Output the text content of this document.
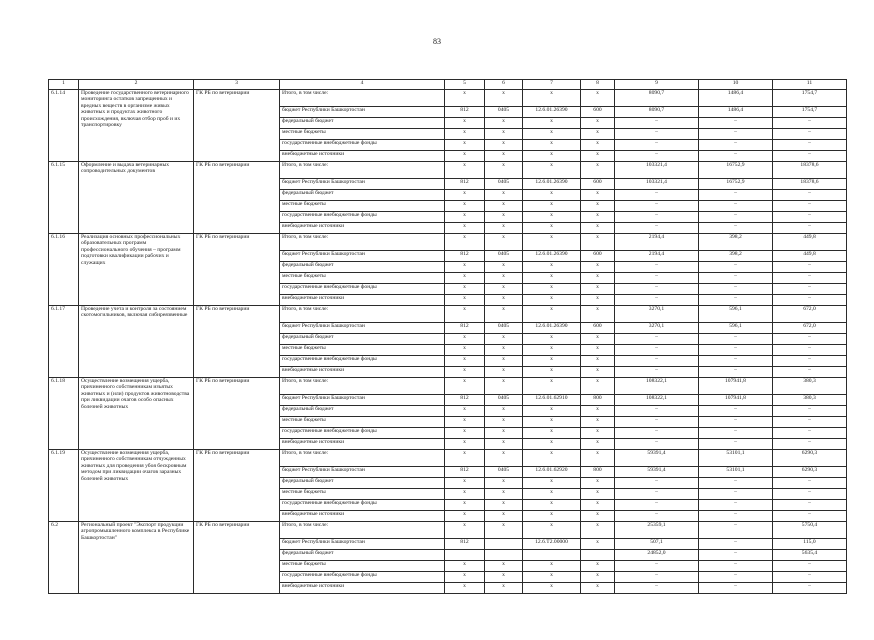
83
1	2	3	4	5	6	7	8	9	10	11
6.1.14	Проведение государственного ветеринарного мониторинга остатков запрещенных и вредных веществ в организме живых животных и продуктах животного происхождения, включая отбор проб и их транспортировку	ГК РБ по ветеринарии	Итого, в том числе:	x	x	x	x	8090,7	1486,4	1754,7
			бюджет Республики Башкортостан	812	0405	12.6.01.26390	600	8090,7	1486,4	1754,7
			федеральный бюджет	x	x	x	x	–	–	–
			местные бюджеты	x	x	x	x	–	–	–
			государственные внебюджетные фонды	x	x	x	x	–	–	–
			внебюджетные источники	x	x	x	x	–	–	–
6.1.15	Оформление и выдача ветеринарных сопроводительных документов	ГК РБ по ветеринарии	Итого, в том числе:	x	x	x	x	103321,4	16752,9	18378,6
			бюджет Республики Башкортостан	812	0405	12.6.01.26390	600	103321,4	16752,9	18378,6
			федеральный бюджет	x	x	x	x	–	–	–
			местные бюджеты	x	x	x	x	–	–	–
			государственные внебюджетные фонды	x	x	x	x	–	–	–
			внебюджетные источники	x	x	x	x	–	–	–
6.1.16	Реализация основных профессиональных образовательных программ профессионального обучения – программ подготовки квалификации рабочих и служащих	ГК РБ по ветеринарии	Итого, в том числе:	x	x	x	x	2194,4	398,2	449,8
			бюджет Республики Башкортостан	812	0405	12.6.01.26390	600	2194,4	398,2	449,8
			федеральный бюджет	x	x	x	x	–	–	–
			местные бюджеты	x	x	x	x	–	–	–
			государственные внебюджетные фонды	x	x	x	x	–	–	–
			внебюджетные источники	x	x	x	x	–	–	–
6.1.17	Проведение учета и контроля за состоянием скотомогильников, включая сибиреязвенные	ГК РБ по ветеринарии	Итого, в том числе:	x	x	x	x	3270,1	596,1	672,0
			бюджет Республики Башкортостан	812	0405	12.6.01.26390	600	3270,1	596,1	672,0
			федеральный бюджет	x	x	x	x	–	–	–
			местные бюджеты	x	x	x	x	–	–	–
			государственные внебюджетные фонды	x	x	x	x	–	–	–
			внебюджетные источники	x	x	x	x	–	–	–
6.1.18	Осуществление возмещения ущерба, причиненного собственникам изъятых животных и (или) продуктов животноводства при ликвидации очагов особо опасных болезней животных	ГК РБ по ветеринарии	Итого, в том числе:	x	x	x	x	108322,1	107941,8	380,3
			бюджет Республики Башкортостан	812	0405	12.6.01.62910	800	108322,1	107941,8	380,3
			федеральный бюджет	x	x	x	x	–	–	–
			местные бюджеты	x	x	x	x	–	–	–
			государственные внебюджетные фонды	x	x	x	x	–	–	–
			внебюджетные источники	x	x	x	x	–	–	–
6.1.19	Осуществление возмещения ущерба, причиненного собственникам отчужденных животных для проведения убоя бескровным методом при ликвидации очагов заразных болезней животных	ГК РБ по ветеринарии	Итого, в том числе:	x	x	x	x	59391,4	53101,1	6290,3
			бюджет Республики Башкортостан	812	0405	12.6.01.62920	800	59391,4	53101,1	6290,3
			федеральный бюджет	x	x	x	x	–	–	–
			местные бюджеты	x	x	x	x	–	–	–
			государственные внебюджетные фонды	x	x	x	x	–	–	–
			внебюджетные источники	x	x	x	x	–	–	–
6.2	Региональный проект "Экспорт продукции агропромышленного комплекса в Республике Башкортостан"	ГК РБ по ветеринарии	Итого, в том числе:	x	x	x	x	25359,1	–	5750,4
			бюджет Республики Башкортостан	812		12.6.T2.00000	x	507,1	–	115,0
			федеральный бюджет					24852,0	–	5635,4
			местные бюджеты	x	x	x	x	–	–	–
			государственные внебюджетные фонды	x	x	x	x	–	–	–
			внебюджетные источники	x	x	x	x	–	–	–
